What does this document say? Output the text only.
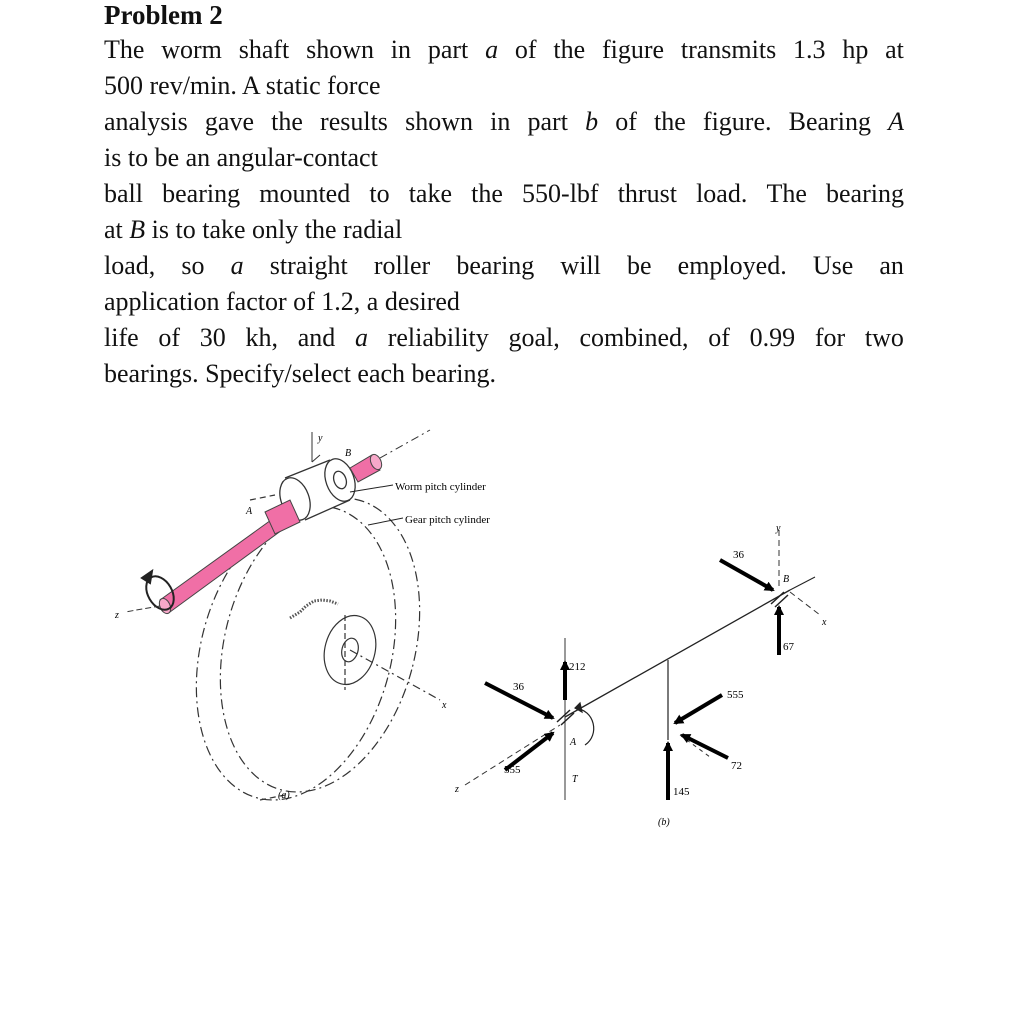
Problem 2
The worm shaft shown in part a of the figure transmits 1.3 hp at
500 rev/min. A static force
analysis gave the results shown in part b of the figure. Bearing A
is to be an angular-contact
ball bearing mounted to take the 550-lbf thrust load. The bearing
at B is to take only the radial
load, so a straight roller bearing will be employed. Use an
application factor of 1.2, a desired
life of 30 kh, and a reliability goal, combined, of 0.99 for two
bearings. Specify/select each bearing.
y
z
x
A
B
Worm pitch cylinder
Gear pitch cylinder
(a)
y
x
z
A
B
T
36
555
212
555
72
145
36
67
(b)
